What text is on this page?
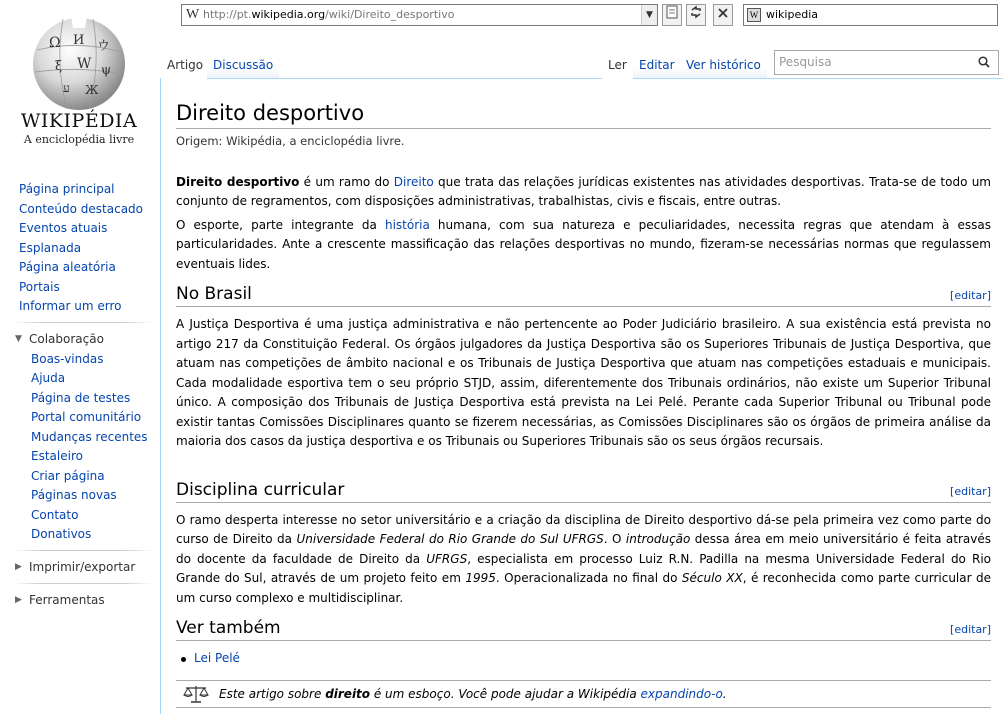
W http://pt.wikipedia.org/wiki/Direito_desportivo	▼	W wikipedia
Ω И ウ
ξ W ψ
ע Ж
WIKIPÉDIA
A enciclopédia livre
Página principal
Conteúdo destacado
Eventos atuais
Esplanada
Página aleatória
Portais
Informar um erro
▼ Colaboração
Boas-vindas
Ajuda
Página de testes
Portal comunitário
Mudanças recentes
Estaleiro
Criar página
Páginas novas
Contato
Donativos
▶ Imprimir/exportar
▶ Ferramentas
Artigo Discussão	Ler	Editar Ver histórico	Pesquisa
Direito desportivo
Origem: Wikipédia, a enciclopédia livre.

Direito desportivo é um ramo do Direito que trata das relações jurídicas existentes nas atividades desportivas. Trata-se de todo um conjunto de regramentos, com disposições administrativas, trabalhistas, civis e fiscais, entre outras.

O esporte, parte integrante da história humana, com sua natureza e peculiaridades, necessita regras que atendam à essas particularidades. Ante a crescente massificação das relações desportivas no mundo, fizeram-se necessárias normas que regulassem eventuais lides.

No Brasil	[editar]

A Justiça Desportiva é uma justiça administrativa e não pertencente ao Poder Judiciário brasileiro. A sua existência está prevista no artigo 217 da Constituição Federal. Os órgãos julgadores da Justiça Desportiva são os Superiores Tribunais de Justiça Desportiva, que atuam nas competições de âmbito nacional e os Tribunais de Justiça Desportiva que atuam nas competições estaduais e municipais. Cada modalidade esportiva tem o seu próprio STJD, assim, diferentemente dos Tribunais ordinários, não existe um Superior Tribunal único. A composição dos Tribunais de Justiça Desportiva está prevista na Lei Pelé. Perante cada Superior Tribunal ou Tribunal pode existir tantas Comissões Disciplinares quanto se fizerem necessárias, as Comissões Disciplinares são os órgãos de primeira análise da maioria dos casos da justiça desportiva e os Tribunais ou Superiores Tribunais são os seus órgãos recursais.

Disciplina curricular	[editar]

O ramo desperta interesse no setor universitário e a criação da disciplina de Direito desportivo dá-se pela primeira vez como parte do curso de Direito da Universidade Federal do Rio Grande do Sul UFRGS. O introdução dessa área em meio universitário é feita através do docente da faculdade de Direito da UFRGS, especialista em processo Luiz R.N. Padilla na mesma Universidade Federal do Rio Grande do Sul, através de um projeto feito em 1995. Operacionalizada no final do Século XX, é reconhecida como parte curricular de um curso complexo e multidisciplinar.

Ver também	[editar]
Lei Pelé
Este artigo sobre direito é um esboço. Você pode ajudar a Wikipédia expandindo-o.
